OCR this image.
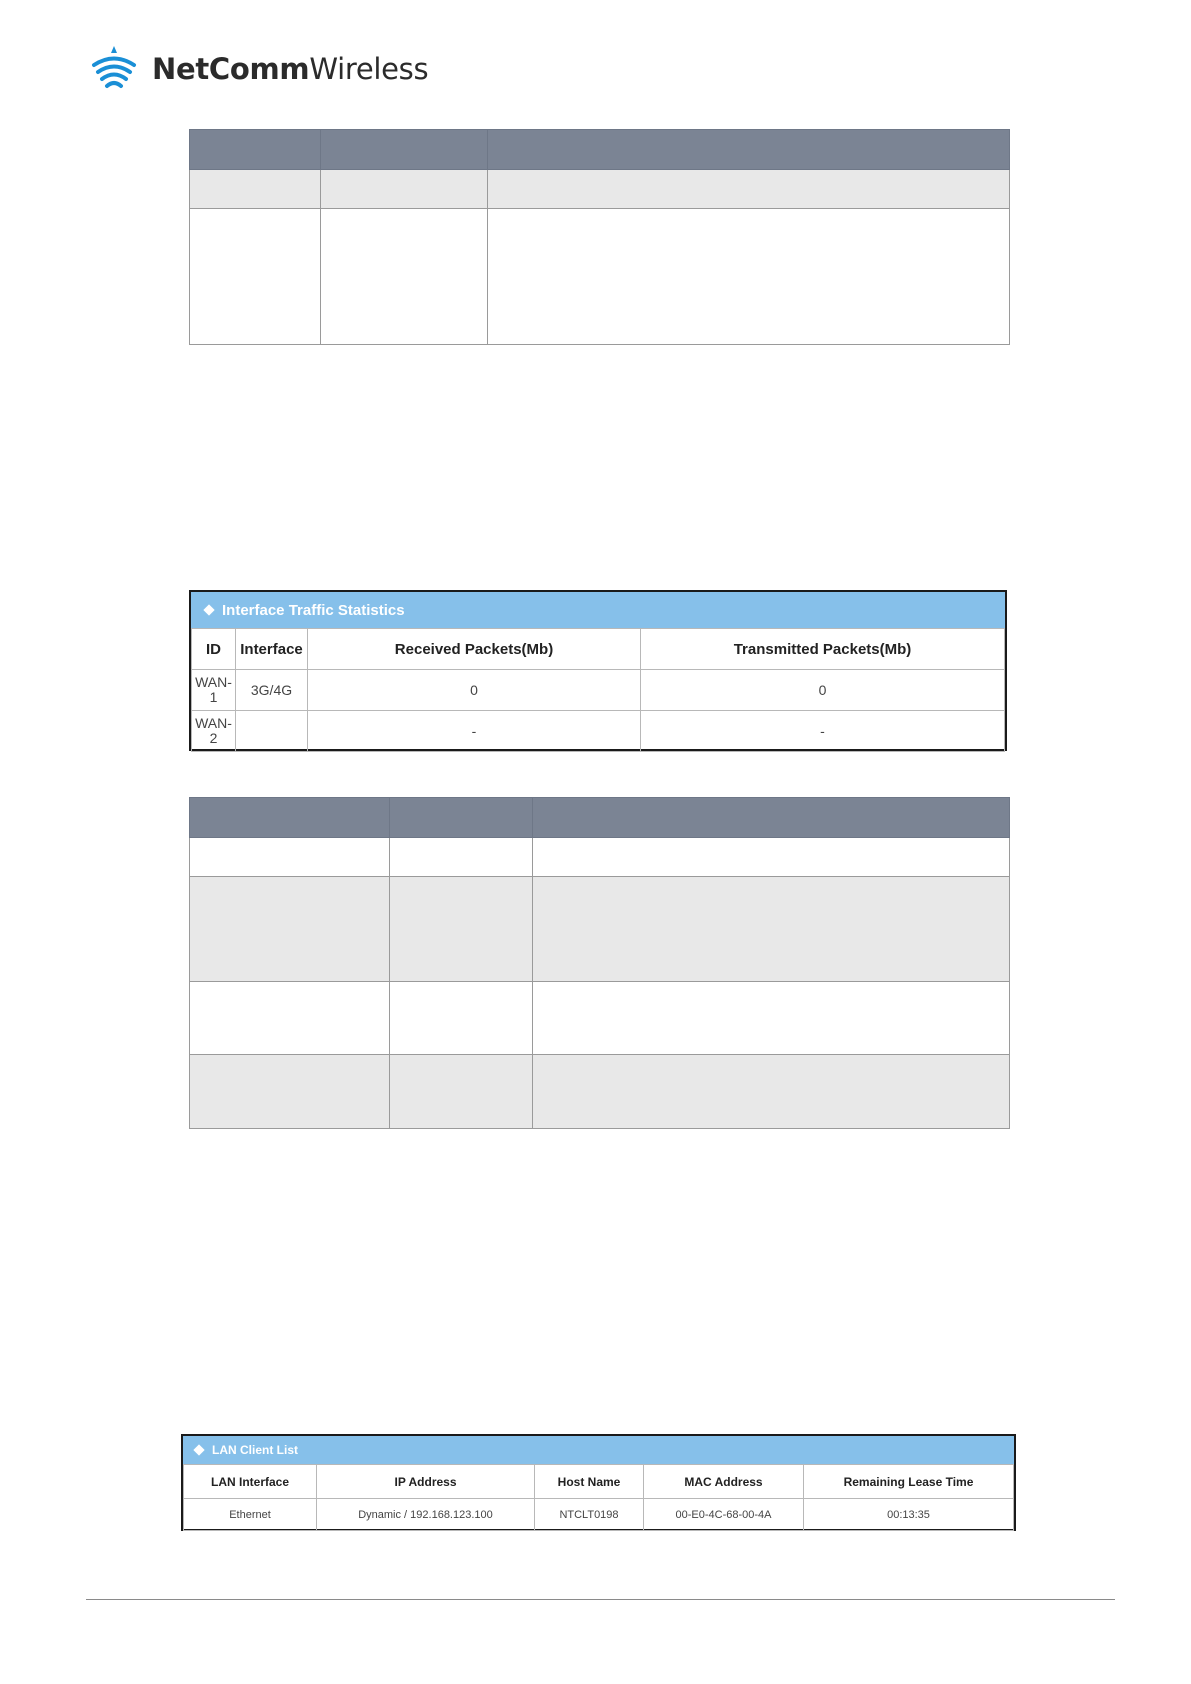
NetCommWireless

Interface Traffic Statistics
ID	Interface	Received Packets(Mb)	Transmitted Packets(Mb)
WAN-1	3G/4G	0	0
WAN-2		-	-

LAN Client List
LAN Interface	IP Address	Host Name	MAC Address	Remaining Lease Time
Ethernet	Dynamic / 192.168.123.100	NTCLT0198	00-E0-4C-68-00-4A	00:13:35
